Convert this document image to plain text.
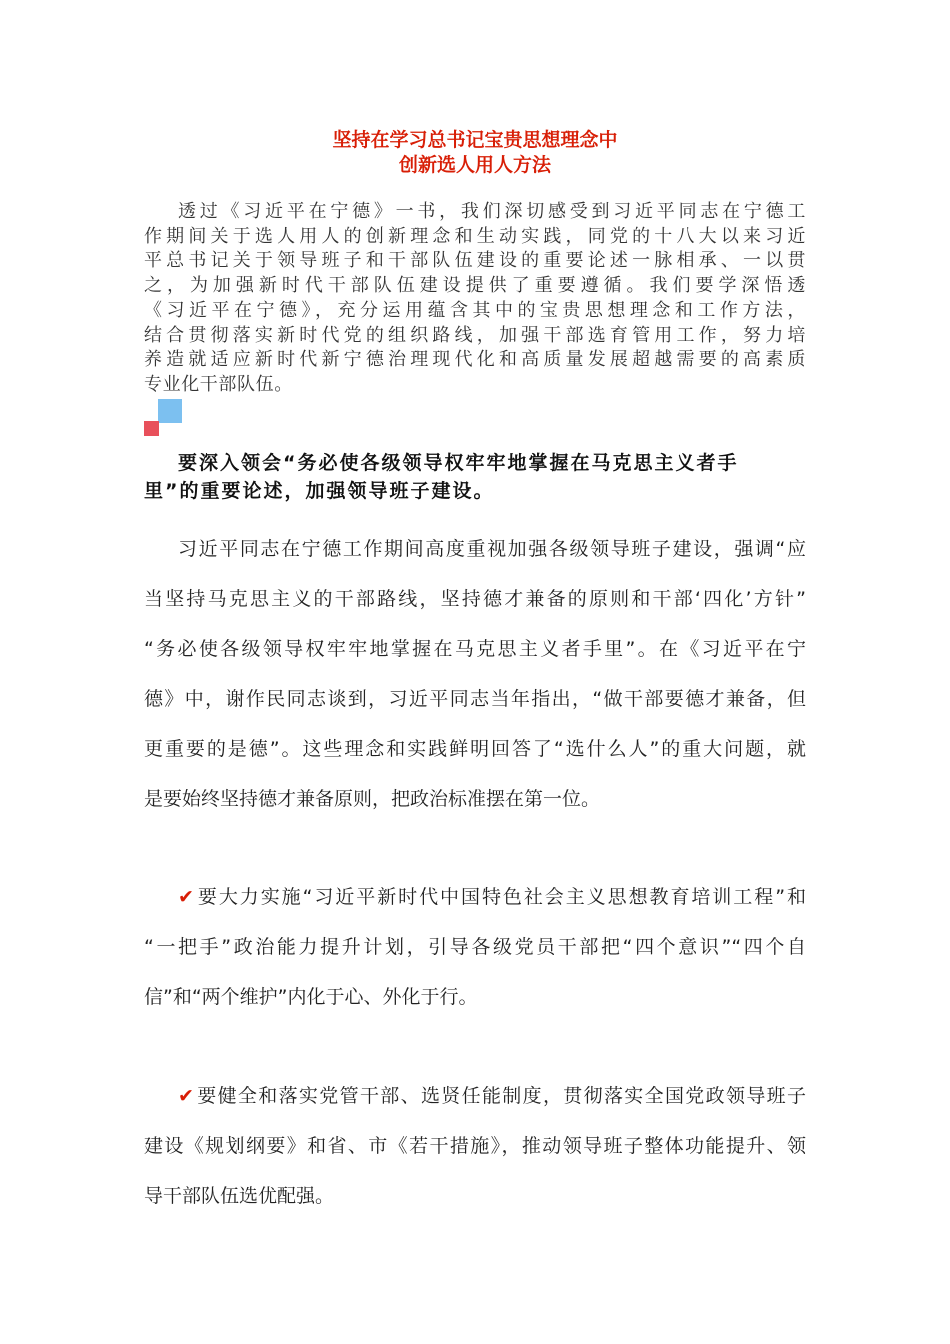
坚持在学习总书记宝贵思想理念中
创新选人用人方法
透过《习近平在宁德》一书，我们深切感受到习近平同志在宁德工
作期间关于选人用人的创新理念和生动实践，同党的十八大以来习近
平总书记关于领导班子和干部队伍建设的重要论述一脉相承、一以贯
之，为加强新时代干部队伍建设提供了重要遵循。我们要学深悟透
《习近平在宁德》，充分运用蕴含其中的宝贵思想理念和工作方法，
结合贯彻落实新时代党的组织路线，加强干部选育管用工作，努力培
养造就适应新时代新宁德治理现代化和高质量发展超越需要的高素质
专业化干部队伍。
要深入领会“务必使各级领导权牢牢地掌握在马克思主义者手
里”的重要论述，加强领导班子建设。
习近平同志在宁德工作期间高度重视加强各级领导班子建设，强调“应
当坚持马克思主义的干部路线，坚持德才兼备的原则和干部‘四化’方针”
“务必使各级领导权牢牢地掌握在马克思主义者手里”。在《习近平在宁
德》中，谢作民同志谈到，习近平同志当年指出，“做干部要德才兼备，但
更重要的是德”。这些理念和实践鲜明回答了“选什么人”的重大问题，就
是要始终坚持德才兼备原则，把政治标准摆在第一位。
✔ 要大力实施“习近平新时代中国特色社会主义思想教育培训工程”和
“一把手”政治能力提升计划，引导各级党员干部把“四个意识”“四个自
信”和“两个维护”内化于心、外化于行。
✔ 要健全和落实党管干部、选贤任能制度，贯彻落实全国党政领导班子
建设《规划纲要》和省、市《若干措施》，推动领导班子整体功能提升、领
导干部队伍选优配强。
